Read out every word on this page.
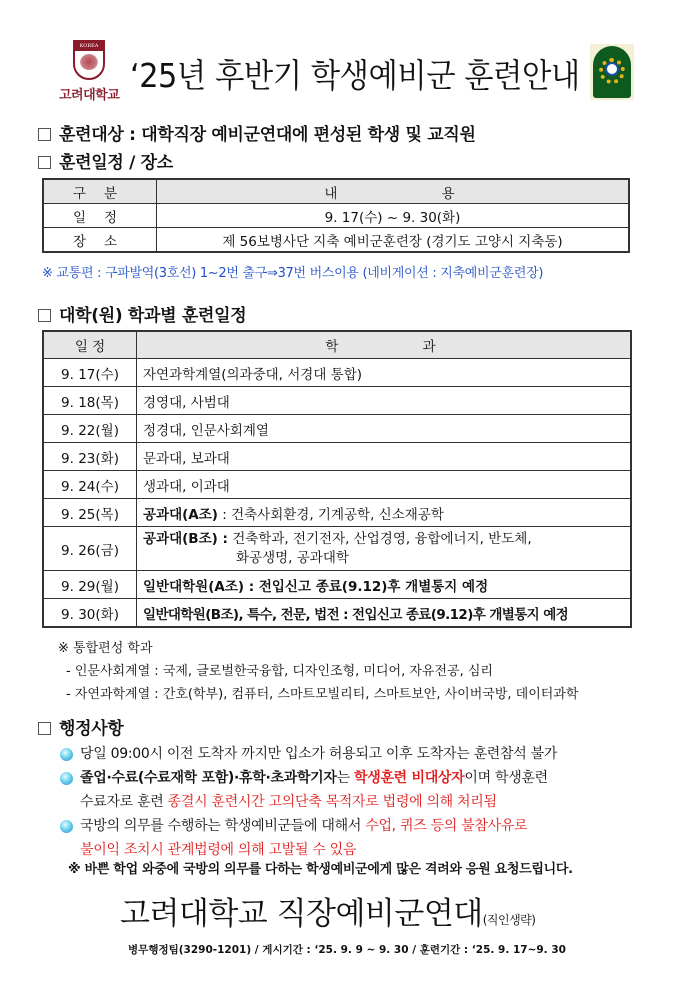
KOREA
고려대학교
‘25년 후반기 학생예비군 훈련안내
훈련대상 : 대학직장 예비군연대에 편성된 학생 및 교직원
훈련일정 / 장소
구분	내 용
일정	9. 17(수) ~ 9. 30(화)
장소	제 56보병사단 지축 예비군훈련장 (경기도 고양시 지축동)
※ 교통편 : 구파발역(3호선) 1~2번 출구⇒37번 버스이용 (네비게이션 : 지축예비군훈련장)
대학(원) 학과별 훈련일정
일 정	학 과
9. 17(수)	자연과학계열(의과중대, 서경대 통합)
9. 18(목)	경영대, 사범대
9. 22(월)	정경대, 인문사회계열
9. 23(화)	문과대, 보과대
9. 24(수)	생과대, 이과대
9. 25(목)	공과대(A조) : 건축사회환경, 기계공학, 신소재공학
9. 26(금)	공과대(B조) : 건축학과, 전기전자, 산업경영, 융합에너지, 반도체,
화공생명, 공과대학
9. 29(월)	일반대학원(A조) : 전입신고 종료(9.12)후 개별통지 예정
9. 30(화)	일반대학원(B조), 특수, 전문, 법전 : 전입신고 종료(9.12)후 개별통지 예정
※ 통합편성 학과
- 인문사회계열 : 국제, 글로벌한국융합, 디자인조형, 미디어, 자유전공, 심리
- 자연과학계열 : 간호(학부), 컴퓨터, 스마트모빌리티, 스마트보안, 사이버국방, 데이터과학
행정사항
당일 09:00시 이전 도착자 까지만 입소가 허용되고 이후 도착자는 훈련참석 불가
졸업·수료(수료재학 포함)·휴학·초과학기자는 학생훈련 비대상자이며 학생훈련
수료자로 훈련 종결시 훈련시간 고의단축 목적자로 법령에 의해 처리됨
국방의 의무를 수행하는 학생예비군들에 대해서 수업, 퀴즈 등의 불참사유로
불이익 조치시 관계법령에 의해 고발될 수 있음
※ 바쁜 학업 와중에 국방의 의무를 다하는 학생예비군에게 많은 격려와 응원 요청드립니다.
고려대학교 직장예비군연대(직인생략)
병무행정팀(3290-1201) / 게시기간 : ‘25. 9. 9 ~ 9. 30 / 훈련기간 : ‘25. 9. 17~9. 30
